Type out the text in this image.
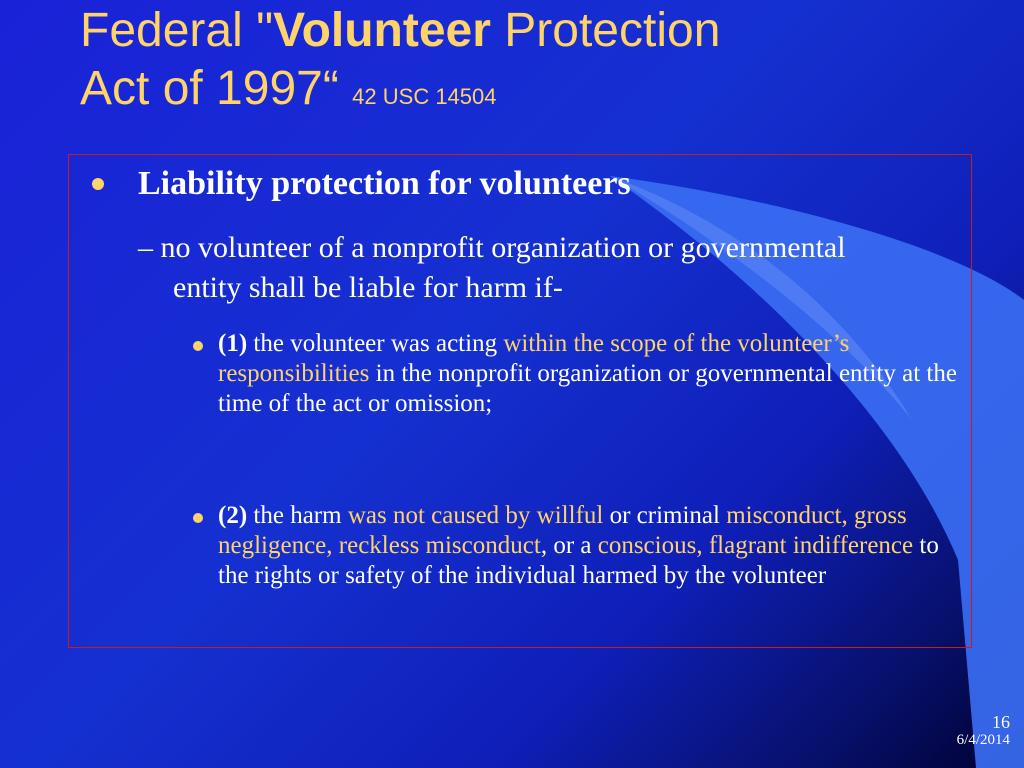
Federal "Volunteer Protection
Act of 1997“ 42 USC 14504
Liability protection for volunteers
– no volunteer of a nonprofit organization or governmental entity shall be liable for harm if-
(1) the volunteer was acting within the scope of the volunteer’s responsibilities in the nonprofit organization or governmental entity at the time of the act or omission;
(2) the harm was not caused by willful or criminal misconduct, gross negligence, reckless misconduct, or a conscious, flagrant indifference to the rights or safety of the individual harmed by the volunteer
16
6/4/2014
